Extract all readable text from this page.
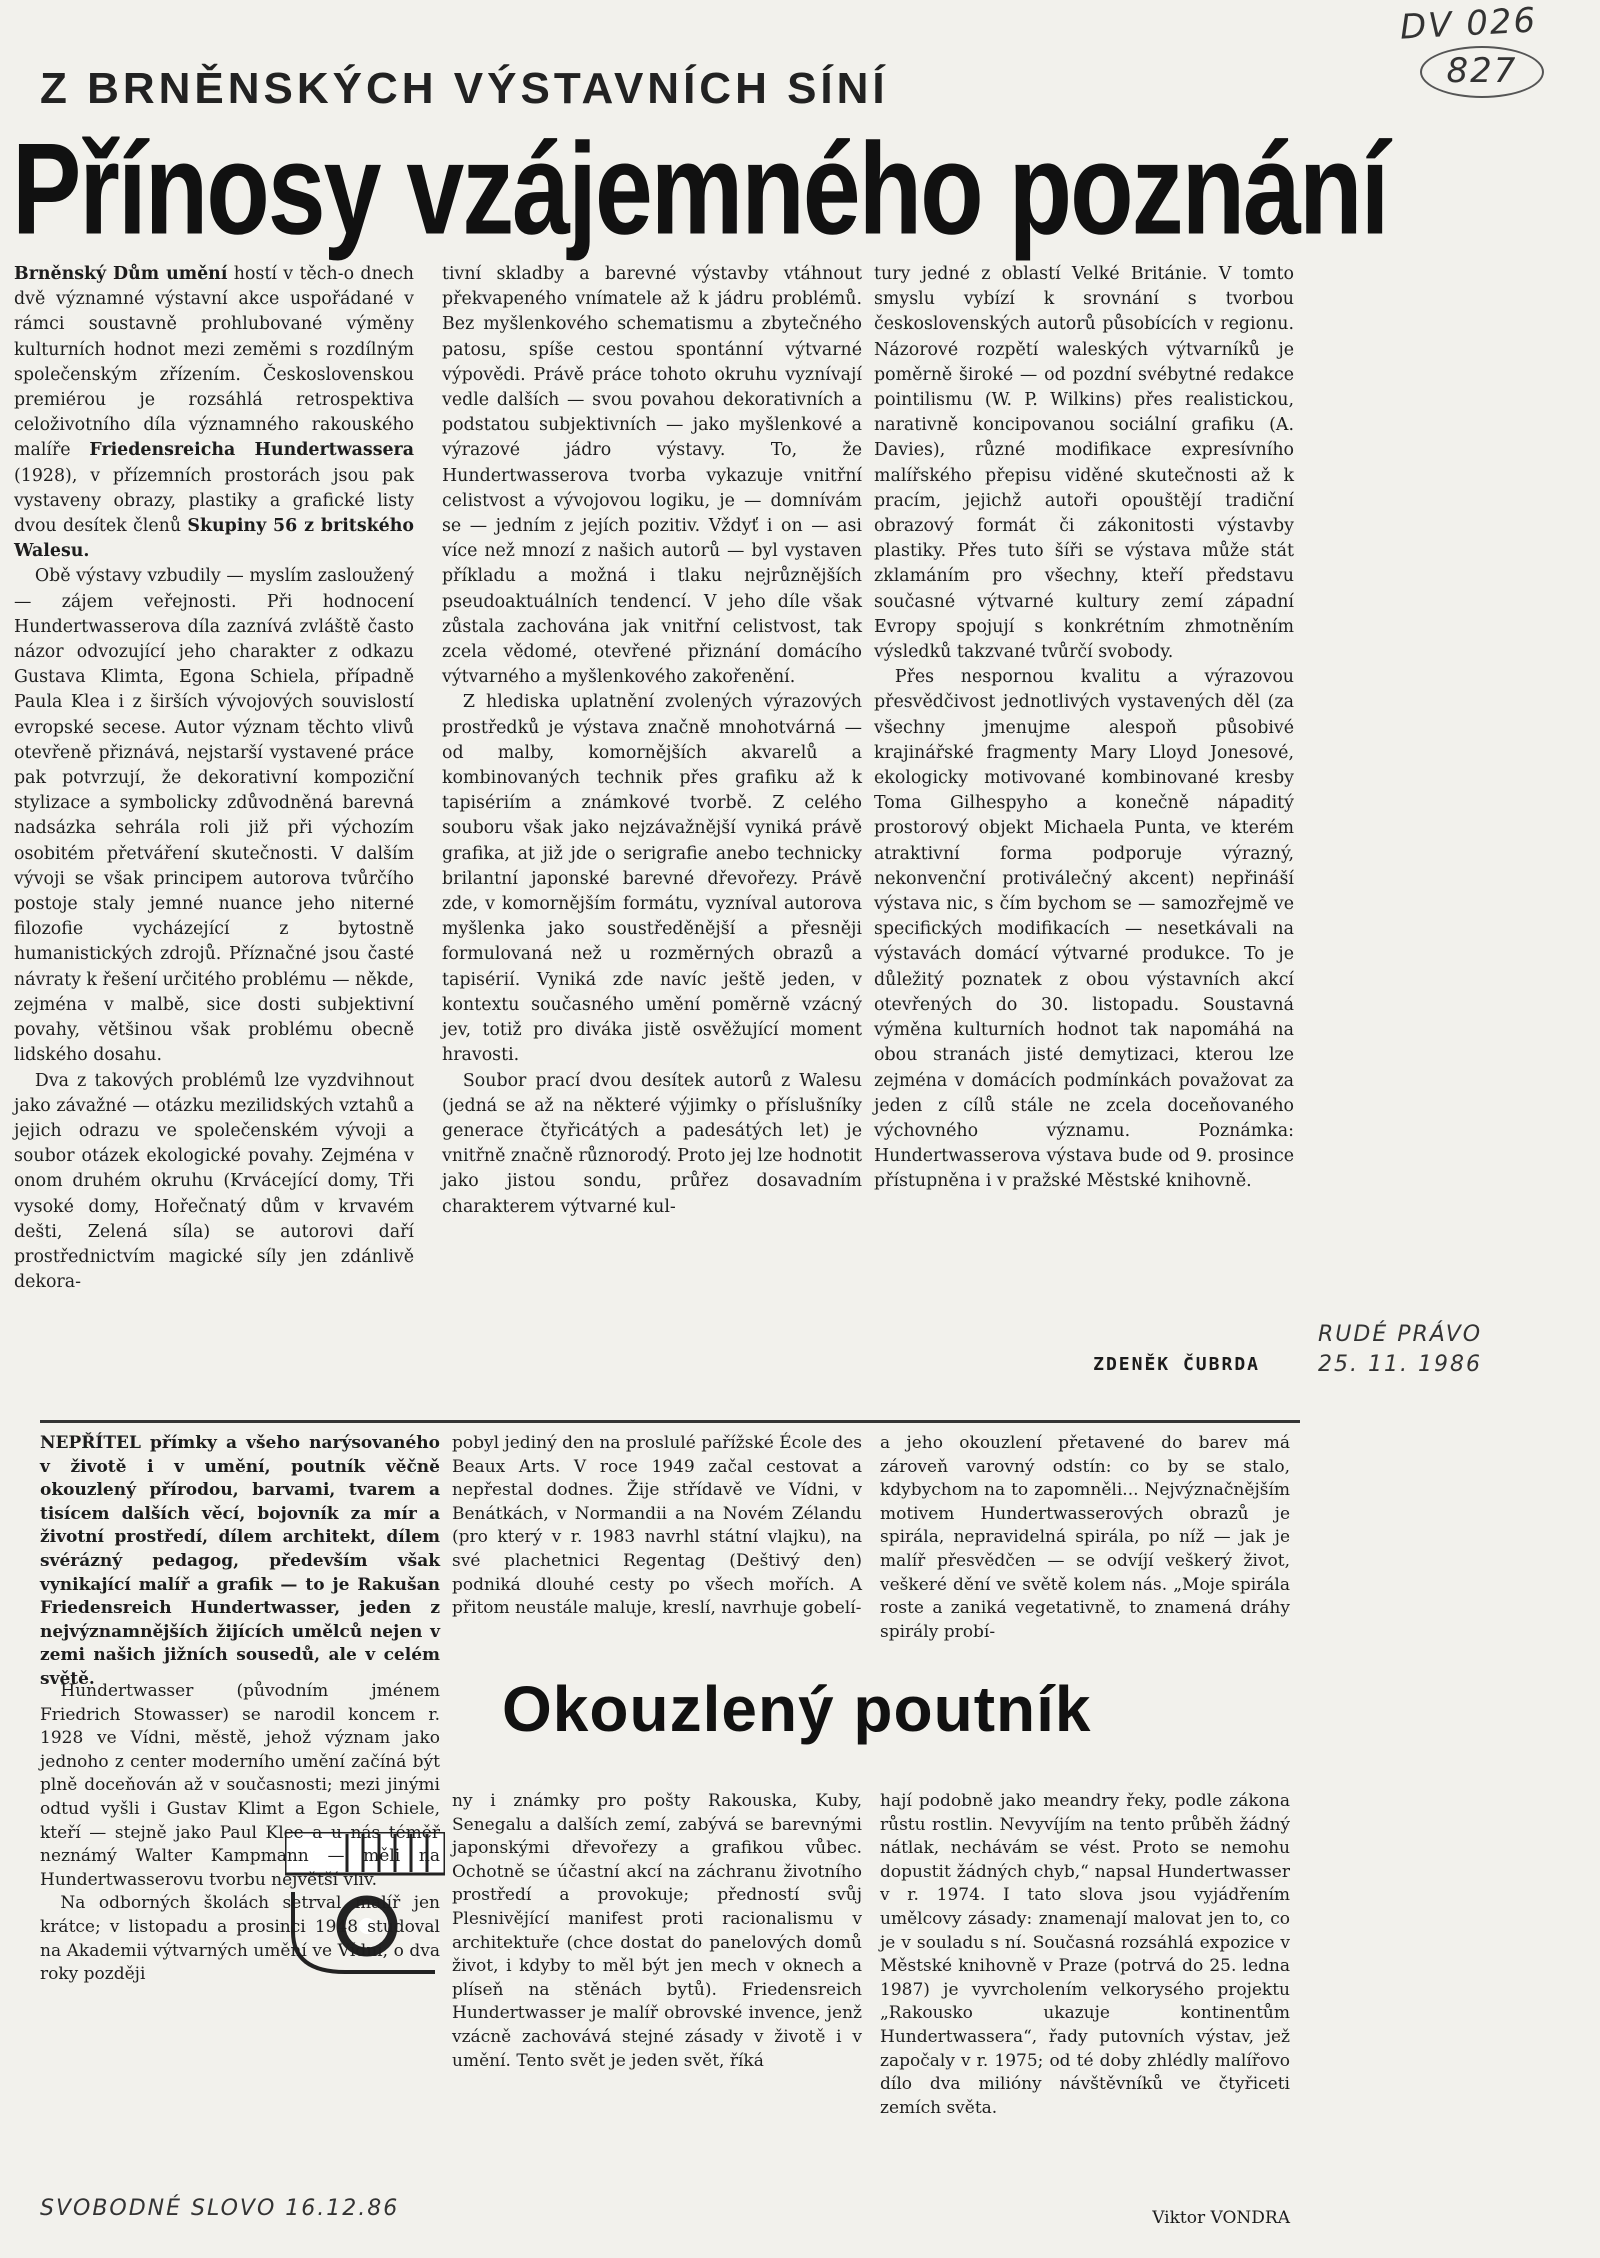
DV 026
827
Z BRNĚNSKÝCH VÝSTAVNÍCH SÍNÍ
Přínosy vzájemného poznání

Brněnský Dům umění hostí v těch-o dnech dvě významné výstavní akce uspořádané v rámci soustavně prohlubované výměny kulturních hodnot mezi zeměmi s rozdílným společenským zřízením. Československou premiérou je rozsáhlá retrospektiva celoživotního díla významného rakouského malíře Friedensreicha Hundertwassera (1928), v přízemních prostorách jsou pak vystaveny obrazy, plastiky a grafické listy dvou desítek členů Skupiny 56 z britského Walesu.

Obě výstavy vzbudily — myslím zasloužený — zájem veřejnosti. Při hodnocení Hundertwasserova díla zaznívá zvláště často názor odvozující jeho charakter z odkazu Gustava Klimta, Egona Schiela, případně Paula Klea i z širších vývojových souvislostí evropské secese. Autor význam těchto vlivů otevřeně přiznává, nejstarší vystavené práce pak potvrzují, že dekorativní kompoziční stylizace a symbolicky zdůvodněná barevná nadsázka sehrála roli již při výchozím osobitém přetváření skutečnosti. V dalším vývoji se však principem autorova tvůrčího postoje staly jemné nuance jeho niterné filozofie vycházející z bytostně humanistických zdrojů. Příznačné jsou časté návraty k řešení určitého problému — někde, zejména v malbě, sice dosti subjektivní povahy, většinou však problému obecně lidského dosahu.

Dva z takových problémů lze vyzdvihnout jako závažné — otázku mezilidských vztahů a jejich odrazu ve společenském vývoji a soubor otázek ekologické povahy. Zejména v onom druhém okruhu (Krvácející domy, Tři vysoké domy, Hořečnatý dům v krvavém dešti, Zelená síla) se autorovi daří prostřednictvím magické síly jen zdánlivě dekora-

tivní skladby a barevné výstavby vtáhnout překvapeného vnímatele až k jádru problémů. Bez myšlenkového schematismu a zbytečného patosu, spíše cestou spontánní výtvarné výpovědi. Právě práce tohoto okruhu vyznívají vedle dalších — svou povahou dekorativních a podstatou subjektivních — jako myšlenkové a výrazové jádro výstavy. To, že Hundertwasserova tvorba vykazuje vnitřní celistvost a vývojovou logiku, je — domnívám se — jedním z jejích pozitiv. Vždyť i on — asi více než mnozí z našich autorů — byl vystaven příkladu a možná i tlaku nejrůznějších pseudoaktuálních tendencí. V jeho díle však zůstala zachována jak vnitřní celistvost, tak zcela vědomé, otevřené přiznání domácího výtvarného a myšlenkového zakořenění.

Z hlediska uplatnění zvolených výrazových prostředků je výstava značně mnohotvárná — od malby, komornějších akvarelů a kombinovaných technik přes grafiku až k tapisériím a známkové tvorbě. Z celého souboru však jako nejzávažnější vyniká právě grafika, at již jde o serigrafie anebo technicky brilantní japonské barevné dřevořezy. Právě zde, v komornějším formátu, vyzníval autorova myšlenka jako soustředěnější a přesněji formulovaná než u rozměrných obrazů a tapisérií. Vyniká zde navíc ještě jeden, v kontextu současného umění poměrně vzácný jev, totiž pro diváka jistě osvěžující moment hravosti.

Soubor prací dvou desítek autorů z Walesu (jedná se až na některé výjimky o příslušníky generace čtyřicátých a padesátých let) je vnitřně značně různorodý. Proto jej lze hodnotit jako jistou sondu, průřez dosavadním charakterem výtvarné kul-

tury jedné z oblastí Velké Británie. V tomto smyslu vybízí k srovnání s tvorbou československých autorů působících v regionu. Názorové rozpětí waleských výtvarníků je poměrně široké — od pozdní svébytné redakce pointilismu (W. P. Wilkins) přes realistickou, narativně koncipovanou sociální grafiku (A. Davies), různé modifikace expresívního malířského přepisu viděné skutečnosti až k pracím, jejichž autoři opouštějí tradiční obrazový formát či zákonitosti výstavby plastiky. Přes tuto šíři se výstava může stát zklamáním pro všechny, kteří představu současné výtvarné kultury zemí západní Evropy spojují s konkrétním zhmotněním výsledků takzvané tvůrčí svobody.

Přes nespornou kvalitu a výrazovou přesvědčivost jednotlivých vystavených děl (za všechny jmenujme alespoň působivé krajinářské fragmenty Mary Lloyd Jonesové, ekologicky motivované kombinované kresby Toma Gilhespyho a konečně nápaditý prostorový objekt Michaela Punta, ve kterém atraktivní forma podporuje výrazný, nekonvenční protiválečný akcent) nepřináší výstava nic, s čím bychom se — samozřejmě ve specifických modifikacích — nesetkávali na výstavách domácí výtvarné produkce. To je důležitý poznatek z obou výstavních akcí otevřených do 30. listopadu. Soustavná výměna kulturních hodnot tak napomáhá na obou stranách jisté demytizaci, kterou lze zejména v domácích podmínkách považovat za jeden z cílů stále ne zcela doceňovaného výchovného významu. Poznámka: Hundertwasserova výstava bude od 9. prosince přístupněna i v pražské Městské knihovně.

ZDENĚK ČUBRDA
RUDÉ PRÁVO
25. 11. 1986

NEPŘÍTEL přímky a všeho narýsovaného v životě i v umění, poutník věčně okouzlený přírodou, barvami, tvarem a tisícem dalších věcí, bojovník za mír a životní prostředí, dílem architekt, dílem svérázný pedagog, především však vynikající malíř a grafik — to je Rakušan Friedensreich Hundertwasser, jeden z nejvýznamnějších žijících umělců nejen v zemi našich jižních sousedů, ale v celém světě.

pobyl jediný den na proslulé pařížské École des Beaux Arts. V roce 1949 začal cestovat a nepřestal dodnes. Žije střídavě ve Vídni, v Benátkách, v Normandii a na Novém Zélandu (pro který v r. 1983 navrhl státní vlajku), na své plachetnici Regentag (Deštivý den) podniká dlouhé cesty po všech mořích. A přitom neustále maluje, kreslí, navrhuje gobelí-

a jeho okouzlení přetavené do barev má zároveň varovný odstín: co by se stalo, kdybychom na to zapomněli... Nejvýznačnějším motivem Hundertwasserových obrazů je spirála, nepravidelná spirála, po níž — jak je malíř přesvědčen — se odvíjí veškerý život, veškeré dění ve světě kolem nás. „Moje spirála roste a zaniká vegetativně, to znamená dráhy spirály probí-

Okouzlený poutník

Hundertwasser (původním jménem Friedrich Stowasser) se narodil koncem r. 1928 ve Vídni, městě, jehož význam jako jednoho z center moderního umění začíná být plně doceňován až v současnosti; mezi jinými odtud vyšli i Gustav Klimt a Egon Schiele, kteří — stejně jako Paul Klee a u nás téměř neznámý Walter Kampmann — měli na Hundertwasserovu tvorbu největší vliv.

Na odborných školách setrval malíř jen krátce; v listopadu a prosinci 1948 studoval na Akademii výtvarných umění ve Vídni, o dva roky později

ny i známky pro pošty Rakouska, Kuby, Senegalu a dalších zemí, zabývá se barevnými japonskými dřevořezy a grafikou vůbec. Ochotně se účastní akcí na záchranu životního prostředí a provokuje; předností svůj Plesnivějící manifest proti racionalismu v architektuře (chce dostat do panelových domů život, i kdyby to měl být jen mech v oknech a plíseň na stěnách bytů). Friedensreich Hundertwasser je malíř obrovské invence, jenž vzácně zachovává stejné zásady v životě i v umění. Tento svět je jeden svět, říká

hají podobně jako meandry řeky, podle zákona růstu rostlin. Nevyvíjím na tento průběh žádný nátlak, nechávám se vést. Proto se nemohu dopustit žádných chyb,“ napsal Hundertwasser v r. 1974. I tato slova jsou vyjádřením umělcovy zásady: znamenají malovat jen to, co je v souladu s ní. Současná rozsáhlá expozice v Městské knihovně v Praze (potrvá do 25. ledna 1987) je vyvrcholením velkorysého projektu „Rakousko ukazuje kontinentům Hundertwassera“, řady putovních výstav, jež započaly v r. 1975; od té doby zhlédly malířovo dílo dva milióny návštěvníků ve čtyřiceti zemích světa.

Viktor VONDRA
SVOBODNÉ SLOVO 16.12.86
